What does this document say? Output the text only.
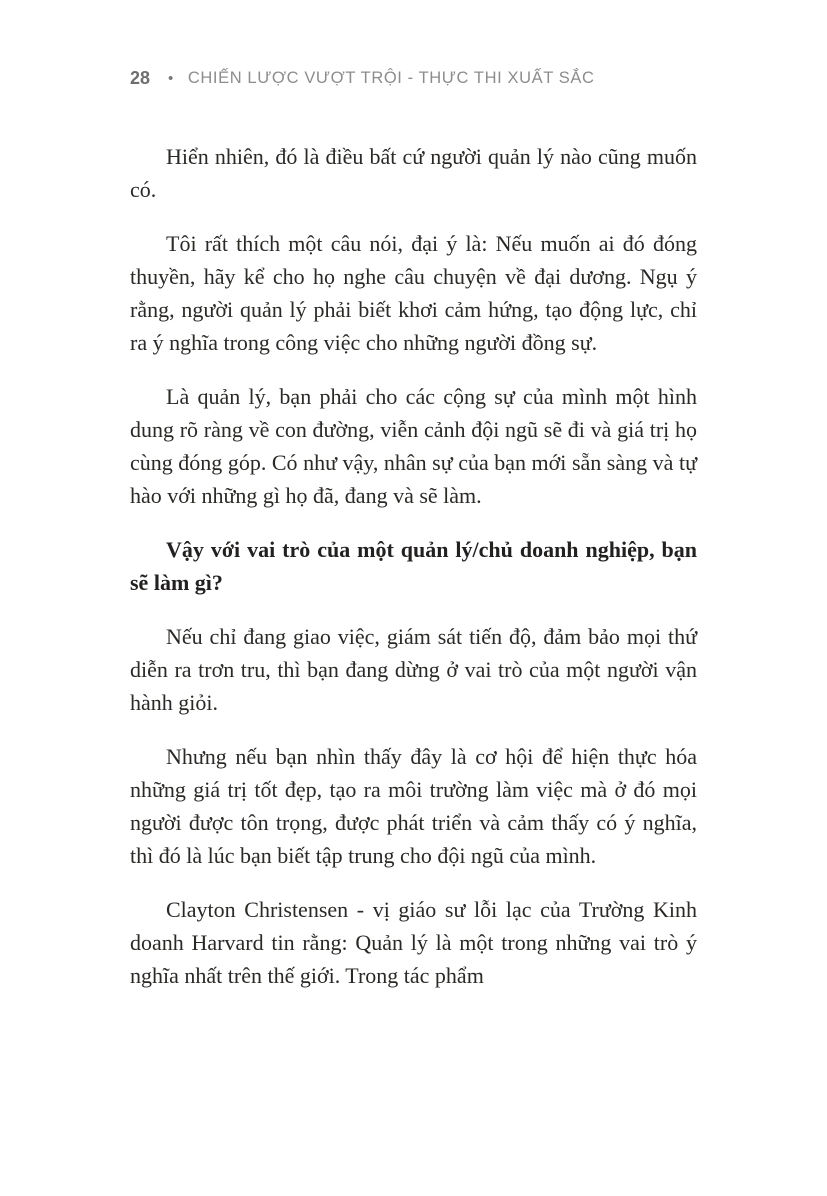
28 • CHIẾN LƯỢC VƯỢT TRỘI - THỰC THI XUẤT SẮC

Hiển nhiên, đó là điều bất cứ người quản lý nào cũng muốn có.

Tôi rất thích một câu nói, đại ý là: Nếu muốn ai đó đóng thuyền, hãy kể cho họ nghe câu chuyện về đại dương. Ngụ ý rằng, người quản lý phải biết khơi cảm hứng, tạo động lực, chỉ ra ý nghĩa trong công việc cho những người đồng sự.

Là quản lý, bạn phải cho các cộng sự của mình một hình dung rõ ràng về con đường, viễn cảnh đội ngũ sẽ đi và giá trị họ cùng đóng góp. Có như vậy, nhân sự của bạn mới sẵn sàng và tự hào với những gì họ đã, đang và sẽ làm.

Vậy với vai trò của một quản lý/chủ doanh nghiệp, bạn sẽ làm gì?

Nếu chỉ đang giao việc, giám sát tiến độ, đảm bảo mọi thứ diễn ra trơn tru, thì bạn đang dừng ở vai trò của một người vận hành giỏi.

Nhưng nếu bạn nhìn thấy đây là cơ hội để hiện thực hóa những giá trị tốt đẹp, tạo ra môi trường làm việc mà ở đó mọi người được tôn trọng, được phát triển và cảm thấy có ý nghĩa, thì đó là lúc bạn biết tập trung cho đội ngũ của mình.

Clayton Christensen - vị giáo sư lỗi lạc của Trường Kinh doanh Harvard tin rằng: Quản lý là một trong những vai trò ý nghĩa nhất trên thế giới. Trong tác phẩm
